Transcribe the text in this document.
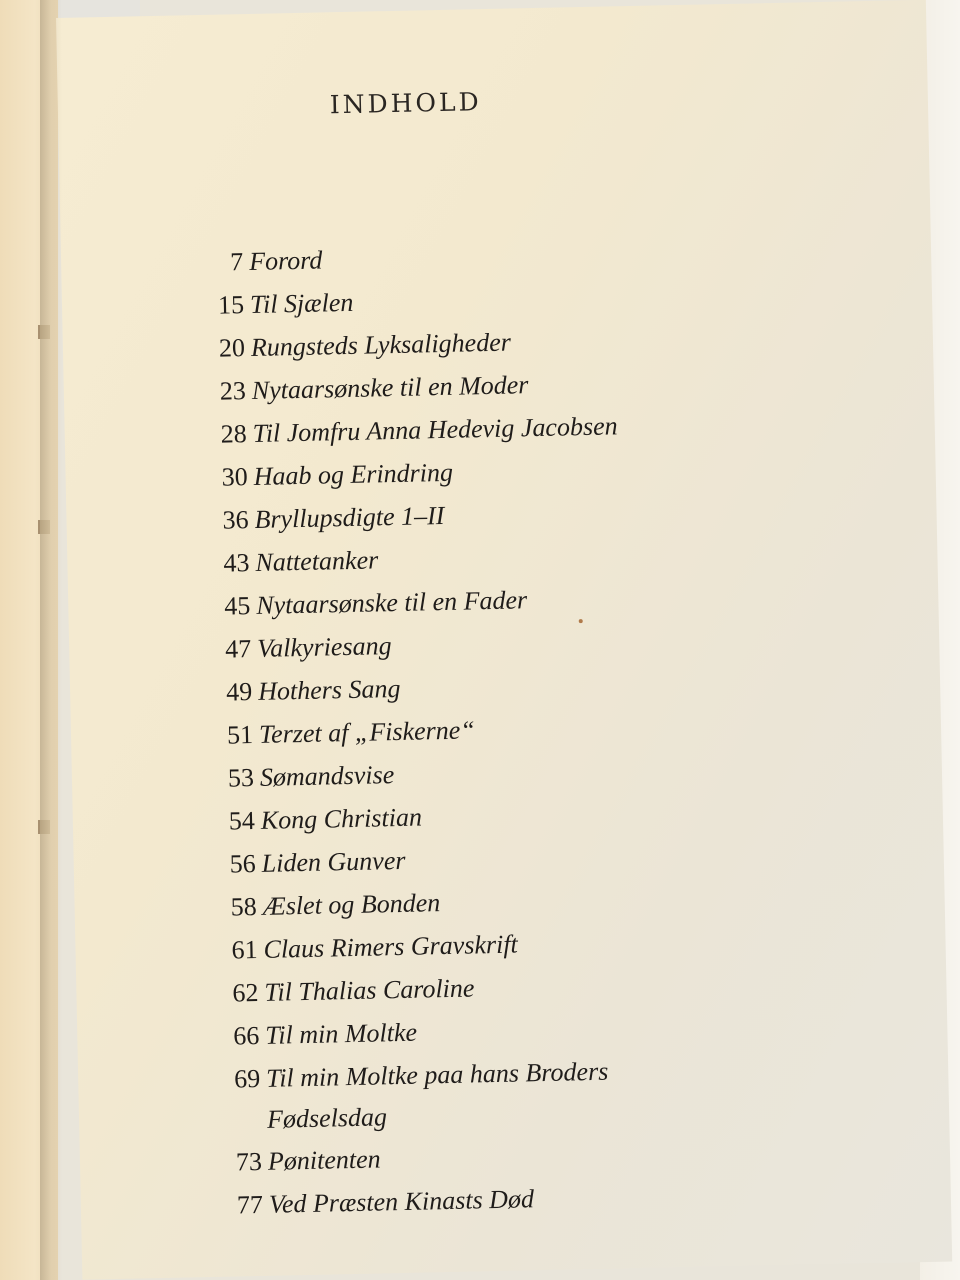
INDHOLD
7 Forord
15 Til Sjælen
20 Rungsteds Lyksaligheder
23 Nytaarsønske til en Moder
28 Til Jomfru Anna Hedevig Jacobsen
30 Haab og Erindring
36 Bryllupsdigte 1–II
43 Nattetanker
45 Nytaarsønske til en Fader
47 Valkyriesang
49 Hothers Sang
51 Terzet af „Fiskerne“
53 Sømandsvise
54 Kong Christian
56 Liden Gunver
58 Æslet og Bonden
61 Claus Rimers Gravskrift
62 Til Thalias Caroline
66 Til min Moltke
69 Til min Moltke paa hans Broders
Fødselsdag
73 Pønitenten
77 Ved Præsten Kinasts Død
